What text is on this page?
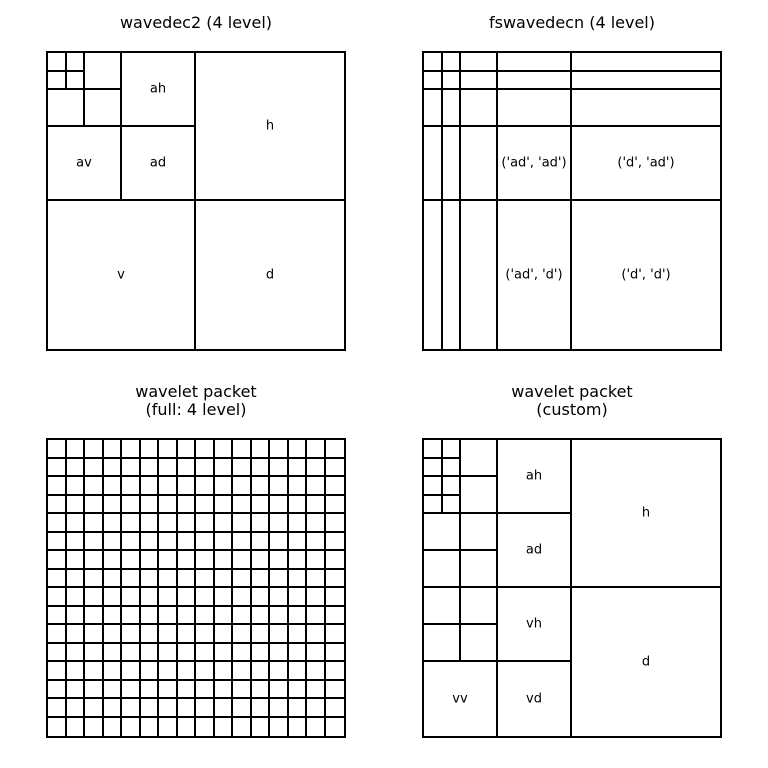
wavedec2 (4 level)
ah
av	ad
h
v	d
fswavedecn (4 level)
('ad', 'ad')	('d', 'ad')
('ad', 'd')	('d', 'd')
wavelet packet
(full: 4 level)
wavelet packet
(custom)
ah
ad
vh
vv	vd
h
d
